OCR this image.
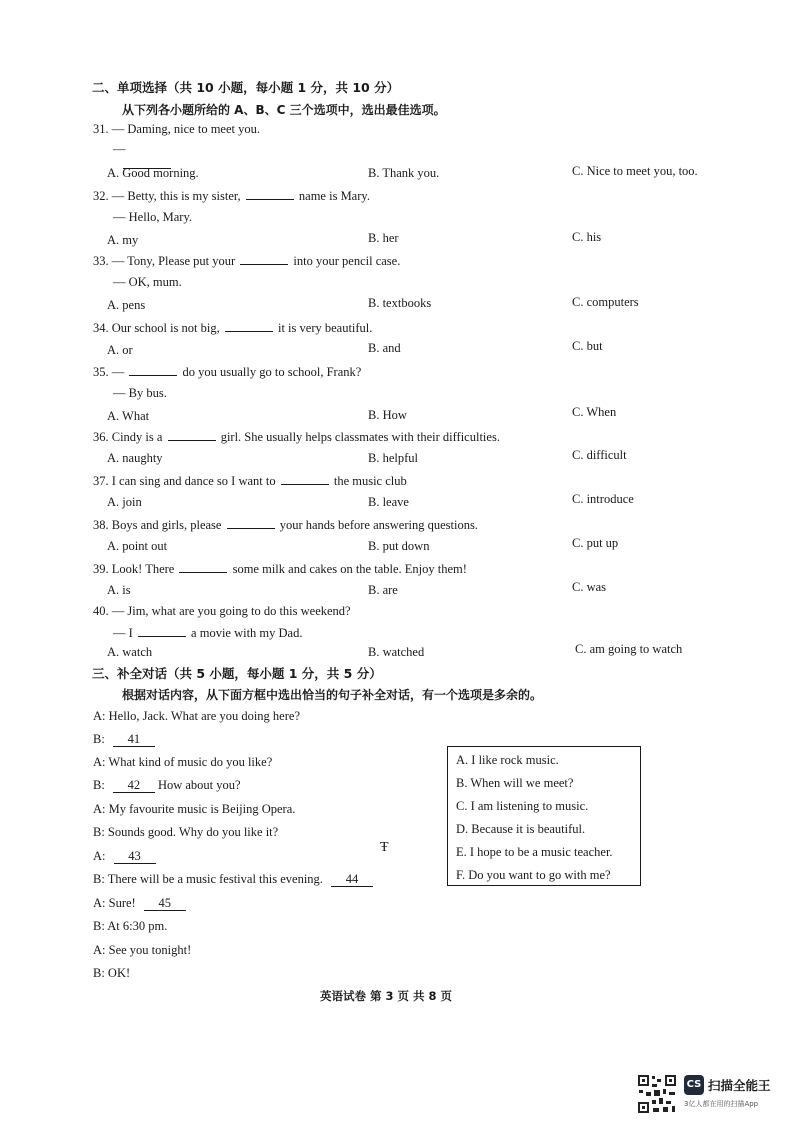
二、单项选择（共 10 小题，每小题 1 分，共 10 分）
从下列各小题所给的 A、B、C 三个选项中，选出最佳选项。
31. — Daming, nice to meet you.
—

A. Good morning.	B. Thank you.	C. Nice to meet you, too.
32. — Betty, this is my sister,	name is Mary.
— Hello, Mary.
A. my	B. her	C. his
33. — Tony, Please put your	into your pencil case.
— OK, mum.
A. pens	B. textbooks	C. computers
34. Our school is not big,	it is very beautiful.
A. or	B. and	C. but
35. —	do you usually go to school, Frank?
— By bus.
A. What	B. How	C. When
36. Cindy is a	girl. She usually helps classmates with their difficulties.
A. naughty	B. helpful	C. difficult
37. I can sing and dance so I want to	the music club
A. join	B. leave	C. introduce
38. Boys and girls, please	your hands before answering questions.
A. point out	B. put down	C. put up
39. Look! There	some milk and cakes on the table. Enjoy them!
A. is	B. are	C. was
40. — Jim, what are you going to do this weekend?
— I	a movie with my Dad.
A. watch	B. watched	C. am going to watch
三、补全对话（共 5 小题，每小题 1 分，共 5 分）
根据对话内容，从下面方框中选出恰当的句子补全对话，有一个选项是多余的。
A: Hello, Jack. What are you doing here?
B: 41
A: What kind of music do you like?
B: 42 How about you?
A: My favourite music is Beijing Opera.
B: Sounds good. Why do you like it?
A: 43
B: There will be a music festival this evening. 44
A: Sure! 45
B: At 6:30 pm.
A: See you tonight!
B: OK!
A. I like rock music.
B. When will we meet?
C. I am listening to music.
D. Because it is beautiful.
E. I hope to be a music teacher.
F. Do you want to go with me?
Ŧ
英语试卷 第 3 页 共 8 页
CS 扫描全能王
3亿人都在用的扫描App
